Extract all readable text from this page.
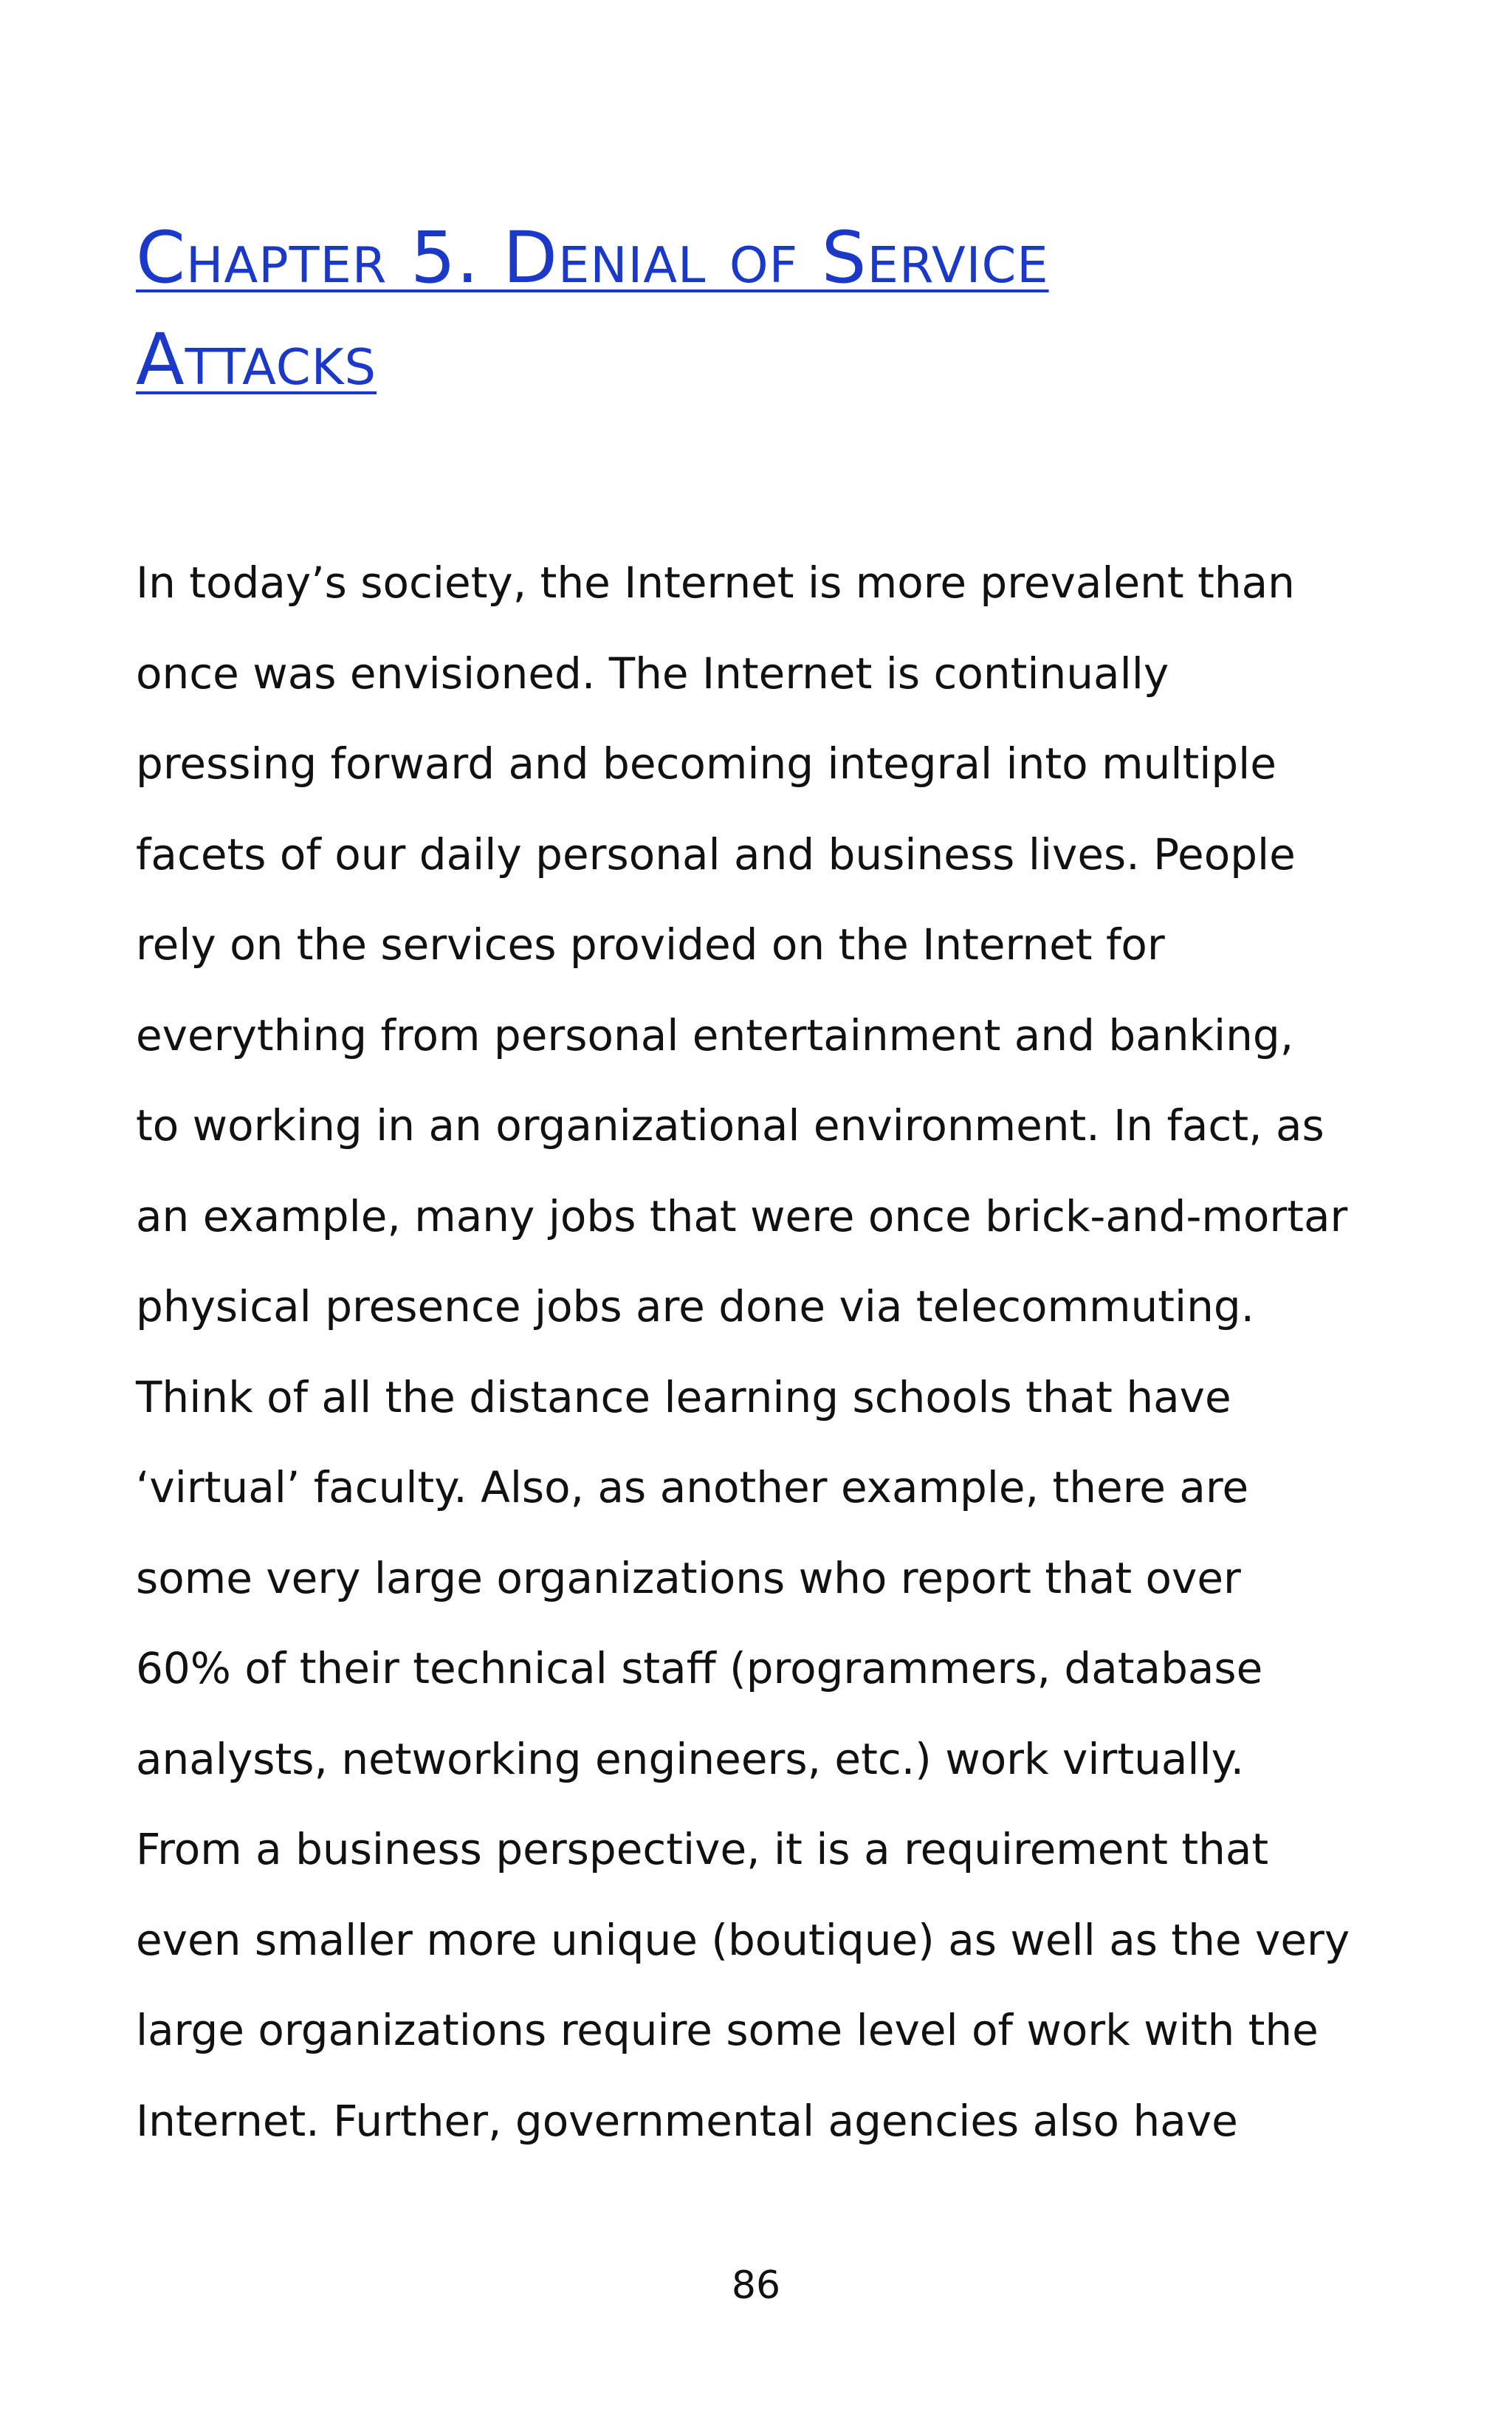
Chapter 5. Denial of Service
Attacks
In today’s society, the Internet is more prevalent than
once was envisioned. The Internet is continually
pressing forward and becoming integral into multiple
facets of our daily personal and business lives. People
rely on the services provided on the Internet for
everything from personal entertainment and banking,
to working in an organizational environment. In fact, as
an example, many jobs that were once brick-and-mortar
physical presence jobs are done via telecommuting.
Think of all the distance learning schools that have
‘virtual’ faculty. Also, as another example, there are
some very large organizations who report that over
60% of their technical staff (programmers, database
analysts, networking engineers, etc.) work virtually.
From a business perspective, it is a requirement that
even smaller more unique (boutique) as well as the very
large organizations require some level of work with the
Internet. Further, governmental agencies also have
86
